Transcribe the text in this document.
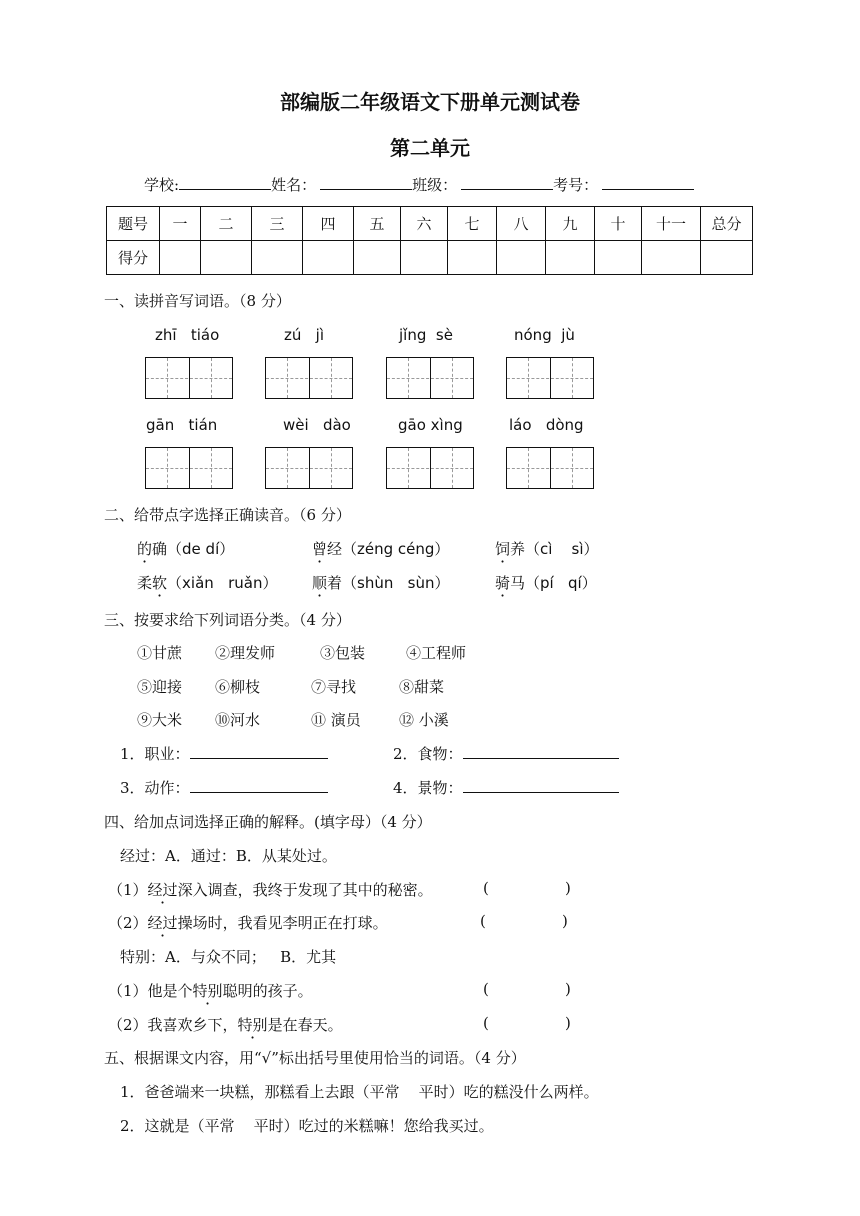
部编版二年级语文下册单元测试卷
第二单元
学校:	姓名：	班级：	考号：
题号	一	二	三	四	五	六	七	八	九	十	十一	总分
得分												
一、读拼音写词语。（8 分）
zhī   tiáo	zú   jì	jǐng  sè	nóng  jù
gān   tián	wèi   dào	gāo xìng	láo   dòng
二、给带点字选择正确读音。（6 分）
的确（de dí）	曾经（zéng céng）	饲养（cì    sì）
柔软（xiǎn   ruǎn） 顺着（shùn   sùn）	骑马（pí   qí）
三、按要求给下列词语分类。（4 分）
①甘蔗 ②理发师	③包装	④工程师
⑤迎接 ⑥柳枝	⑦寻找	⑧甜菜
⑨大米 ⑩河水	⑪ 演员	⑫ 小溪
1．职业：	2．食物：
3．动作：	4．景物：
四、给加点词选择正确的解释。(填字母）（4 分）
经过：A．通过：B．从某处过。
（1）经过深入调查，我终于发现了其中的秘密。	(	)
（2）经过操场时，我看见李明正在打球。	(	)
特别：A．与众不同；   B．尤其
（1）他是个特别聪明的孩子。	(	)
（2）我喜欢乡下，特别是在春天。	(	)
五、根据课文内容，用“√”标出括号里使用恰当的词语。（4 分）
1．爸爸端来一块糕，那糕看上去跟（平常    平时）吃的糕没什么两样。
2．这就是（平常    平时）吃过的米糕嘛！您给我买过。
